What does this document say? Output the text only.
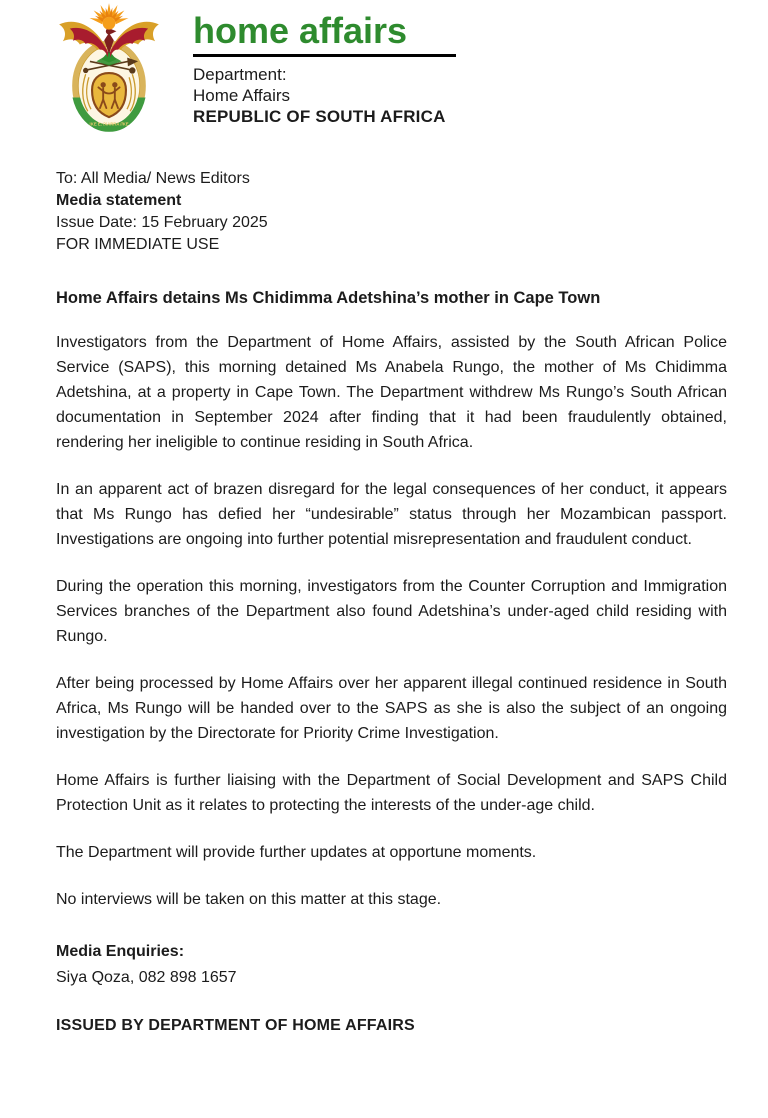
!KE E: /XARRA //KE
home affairs
Department:
Home Affairs
REPUBLIC OF SOUTH AFRICA

To: All Media/ News Editors

Media statement

Issue Date: 15 February 2025

FOR IMMEDIATE USE

Home Affairs detains Ms Chidimma Adetshina’s mother in Cape Town

Investigators from the Department of Home Affairs, assisted by the South African Police Service (SAPS), this morning detained Ms Anabela Rungo, the mother of Ms Chidimma Adetshina, at a property in Cape Town. The Department withdrew Ms Rungo’s South African documentation in September 2024 after finding that it had been fraudulently obtained, rendering her ineligible to continue residing in South Africa.

In an apparent act of brazen disregard for the legal consequences of her conduct, it appears that Ms Rungo has defied her “undesirable” status through her Mozambican passport. Investigations are ongoing into further potential misrepresentation and fraudulent conduct.

During the operation this morning, investigators from the Counter Corruption and Immigration Services branches of the Department also found Adetshina’s under-aged child residing with Rungo.

After being processed by Home Affairs over her apparent illegal continued residence in South Africa, Ms Rungo will be handed over to the SAPS as she is also the subject of an ongoing investigation by the Directorate for Priority Crime Investigation.

Home Affairs is further liaising with the Department of Social Development and SAPS Child Protection Unit as it relates to protecting the interests of the under-age child.

The Department will provide further updates at opportune moments.

No interviews will be taken on this matter at this stage.

Media Enquiries:

Siya Qoza, 082 898 1657

ISSUED BY DEPARTMENT OF HOME AFFAIRS
